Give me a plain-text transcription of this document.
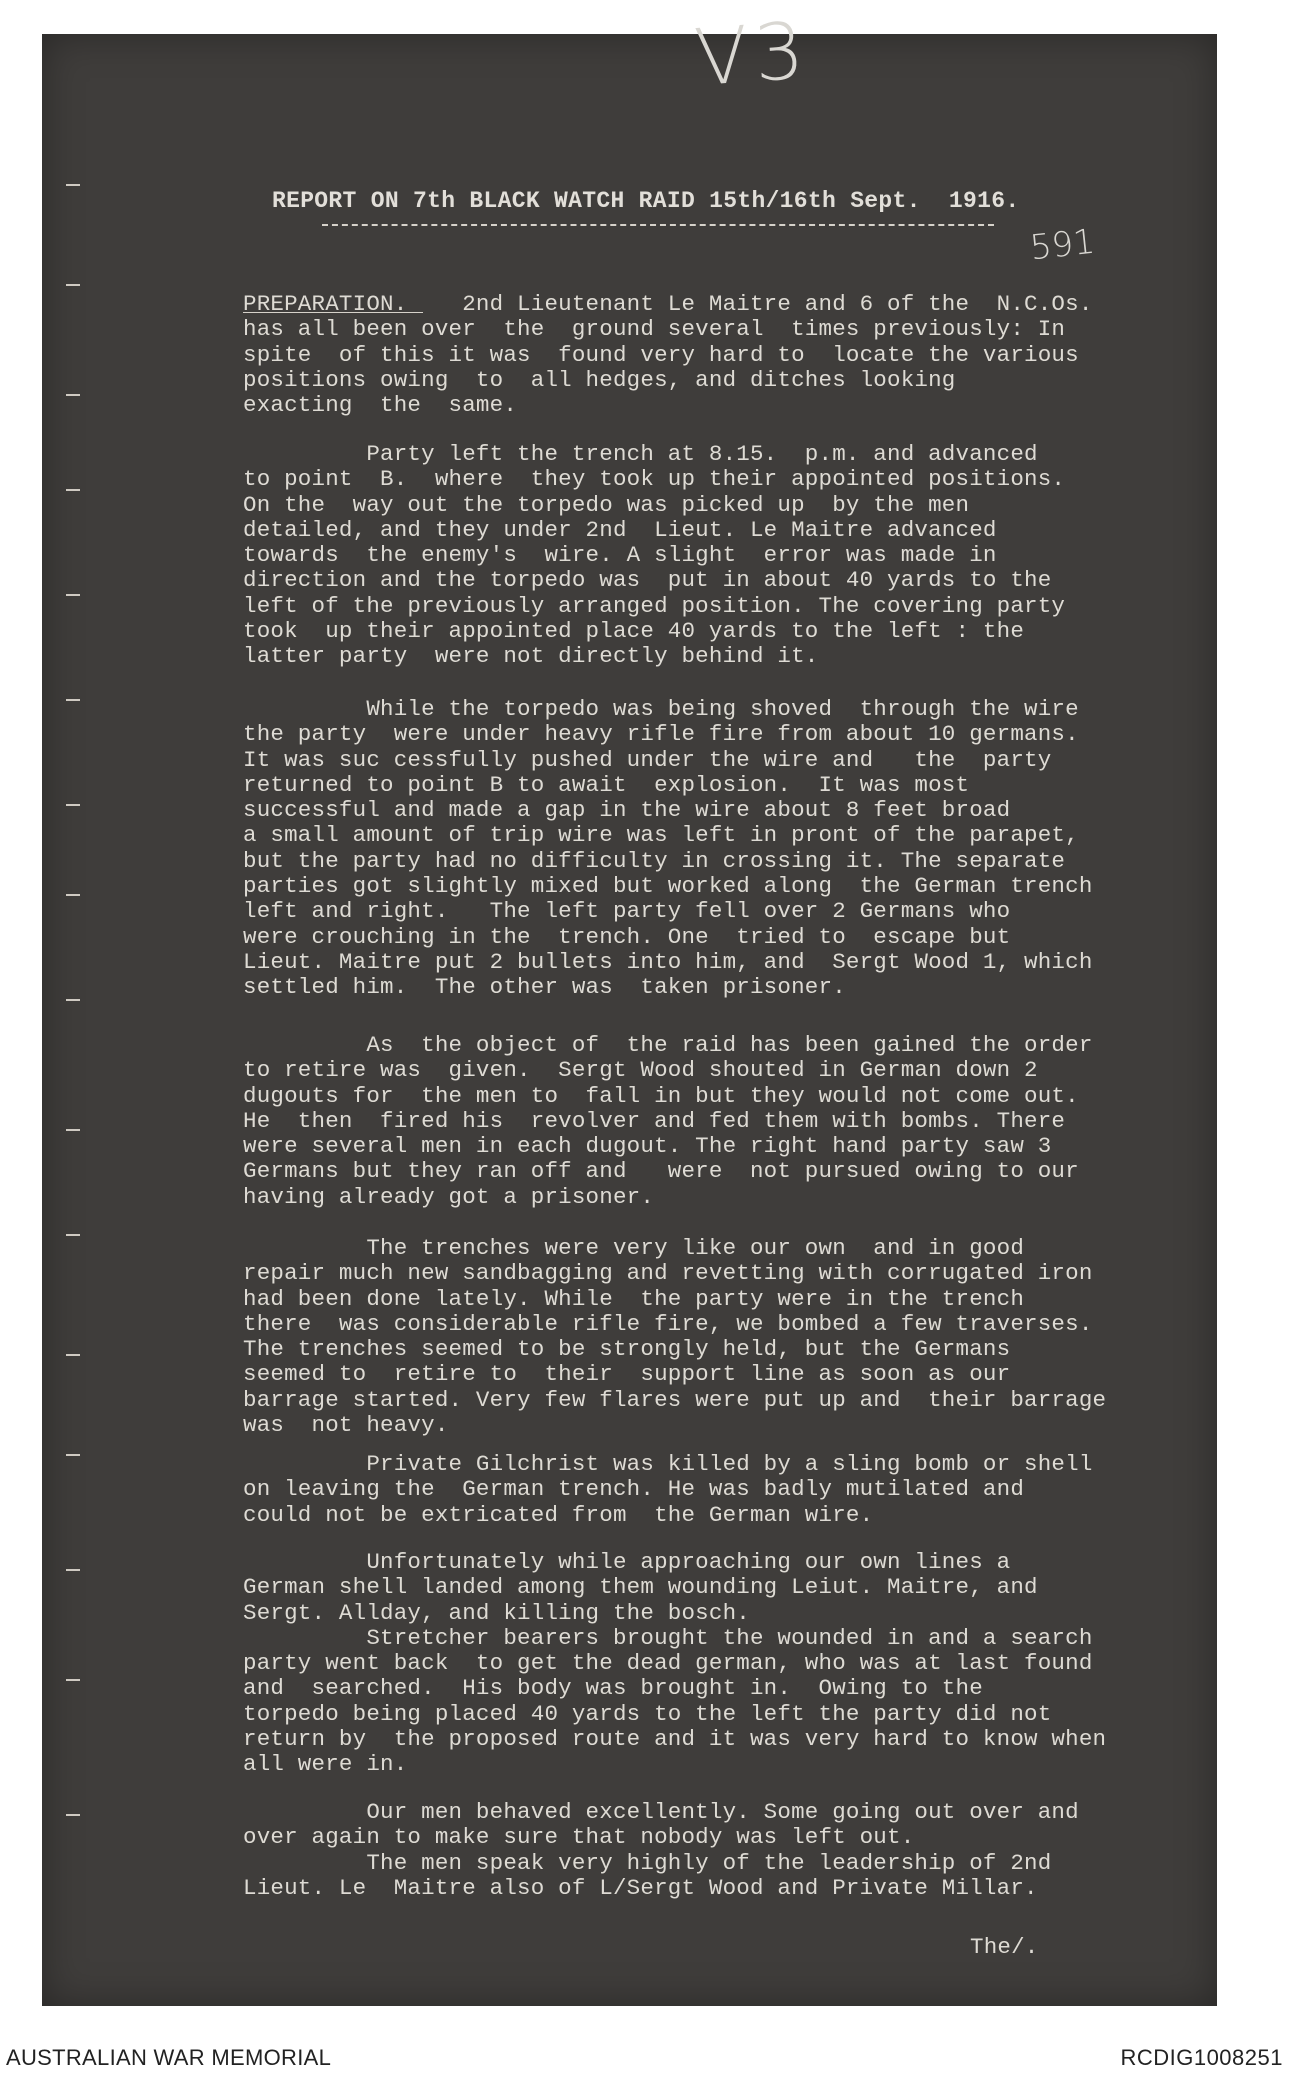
V3
591
REPORT ON 7th BLACK WATCH RAID 15th/16th Sept.  1916.
PREPARATION.    2nd Lieutenant Le Maitre and 6 of the  N.C.Os.
has all been over  the  ground several  times previously: In
spite  of this it was  found very hard to  locate the various
positions owing  to  all hedges, and ditches looking
exacting  the  same.
Party left the trench at 8.15.  p.m. and advanced
to point  B.  where  they took up their appointed positions.
On the  way out the torpedo was picked up  by the men
detailed, and they under 2nd  Lieut. Le Maitre advanced
towards  the enemy's  wire. A slight  error was made in
direction and the torpedo was  put in about 40 yards to the
left of the previously arranged position. The covering party
took  up their appointed place 40 yards to the left : the
latter party  were not directly behind it.
While the torpedo was being shoved  through the wire
the party  were under heavy rifle fire from about 10 germans.
It was suc cessfully pushed under the wire and   the  party
returned to point B to await  explosion.  It was most
successful and made a gap in the wire about 8 feet broad
a small amount of trip wire was left in pront of the parapet,
but the party had no difficulty in crossing it. The separate
parties got slightly mixed but worked along  the German trench
left and right.   The left party fell over 2 Germans who
were crouching in the  trench. One  tried to  escape but
Lieut. Maitre put 2 bullets into him, and  Sergt Wood 1, which
settled him.  The other was  taken prisoner.
As  the object of  the raid has been gained the order
to retire was  given.  Sergt Wood shouted in German down 2
dugouts for  the men to  fall in but they would not come out.
He  then  fired his  revolver and fed them with bombs. There
were several men in each dugout. The right hand party saw 3
Germans but they ran off and   were  not pursued owing to our
having already got a prisoner.
The trenches were very like our own  and in good
repair much new sandbagging and revetting with corrugated iron
had been done lately. While  the party were in the trench
there  was considerable rifle fire, we bombed a few traverses.
The trenches seemed to be strongly held, but the Germans
seemed to  retire to  their  support line as soon as our
barrage started. Very few flares were put up and  their barrage
was  not heavy.
Private Gilchrist was killed by a sling bomb or shell
on leaving the  German trench. He was badly mutilated and
could not be extricated from  the German wire.
Unfortunately while approaching our own lines a
German shell landed among them wounding Leiut. Maitre, and
Sergt. Allday, and killing the bosch.
Stretcher bearers brought the wounded in and a search
party went back  to get the dead german, who was at last found
and  searched.  His body was brought in.  Owing to the
torpedo being placed 40 yards to the left the party did not
return by  the proposed route and it was very hard to know when
all were in.
Our men behaved excellently. Some going out over and
over again to make sure that nobody was left out.
The men speak very highly of the leadership of 2nd
Lieut. Le  Maitre also of L/Sergt Wood and Private Millar.
The/.
AUSTRALIAN WAR MEMORIAL	RCDIG1008251
